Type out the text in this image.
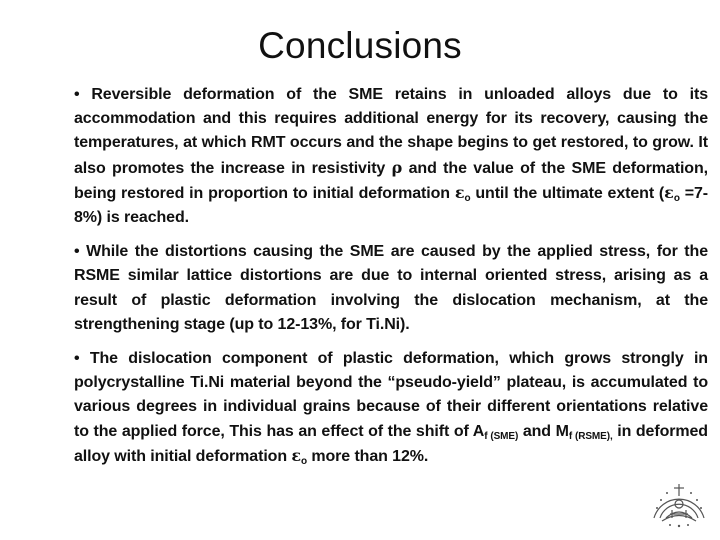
Conclusions

• Reversible deformation of the SME retains in unloaded alloys due to its accommodation and this requires additional energy for its recovery, causing the temperatures, at which RMT occurs and the shape begins to get restored, to grow. It also promotes the increase in resistivity ρ and the value of the SME deformation, being restored in proportion to initial deformation $\varepsilon_o$ until the ultimate extent $(\varepsilon_o =7-8\%)$ is reached.

• While the distortions causing the SME are caused by the applied stress, for the RSME similar lattice distortions are due to internal oriented stress, arising as a result of plastic deformation involving the dislocation mechanism, at the strengthening stage (up to 12-13%, for Ti.Ni).

• The dislocation component of plastic deformation, which grows strongly in polycrystalline Ti.Ni material beyond the “pseudo-yield” plateau, is accumulated to various degrees in individual grains because of their different orientations relative to the applied force, This has an effect of the shift of $A_{f (SME)}$ and $M_{f (RSME),}$ in deformed alloy with initial deformation $\varepsilon_o$ more than 12%.
